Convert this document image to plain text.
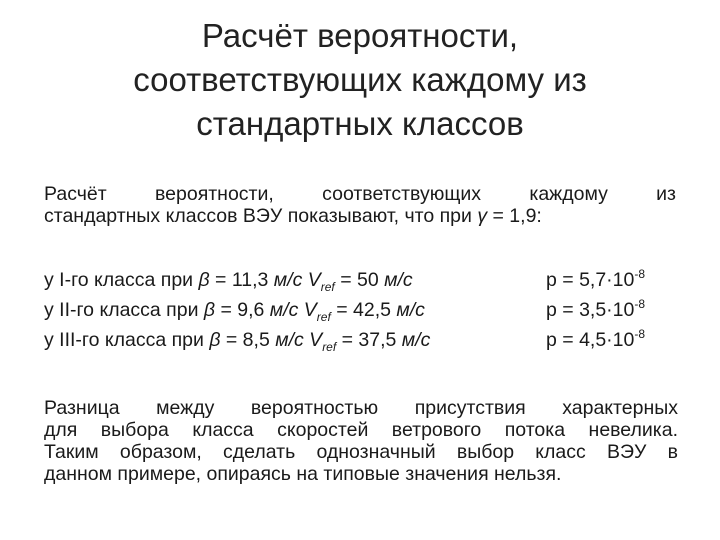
Расчёт вероятности,
соответствующих каждому из
стандартных классов
Расчёт вероятности, соответствующих каждому из
стандартных классов ВЭУ показывают, что при γ = 1,9:
у I-го класса при β = 11,3 м/с $V_{ref} = 50$ м/с	$p = 5,7\cdot 10^{-8}$
у II-го класса при β = 9,6 м/с $V_{ref} = 42,5$ м/с	$p = 3,5\cdot 10^{-8}$
у III-го класса при β = 8,5 м/с $V_{ref} = 37,5$ м/с	$p = 4,5\cdot 10^{-8}$
Разница между вероятностью присутствия характерных
для выбора класса скоростей ветрового потока невелика.
Таким образом, сделать однозначный выбор класс ВЭУ в
данном примере, опираясь на типовые значения нельзя.
